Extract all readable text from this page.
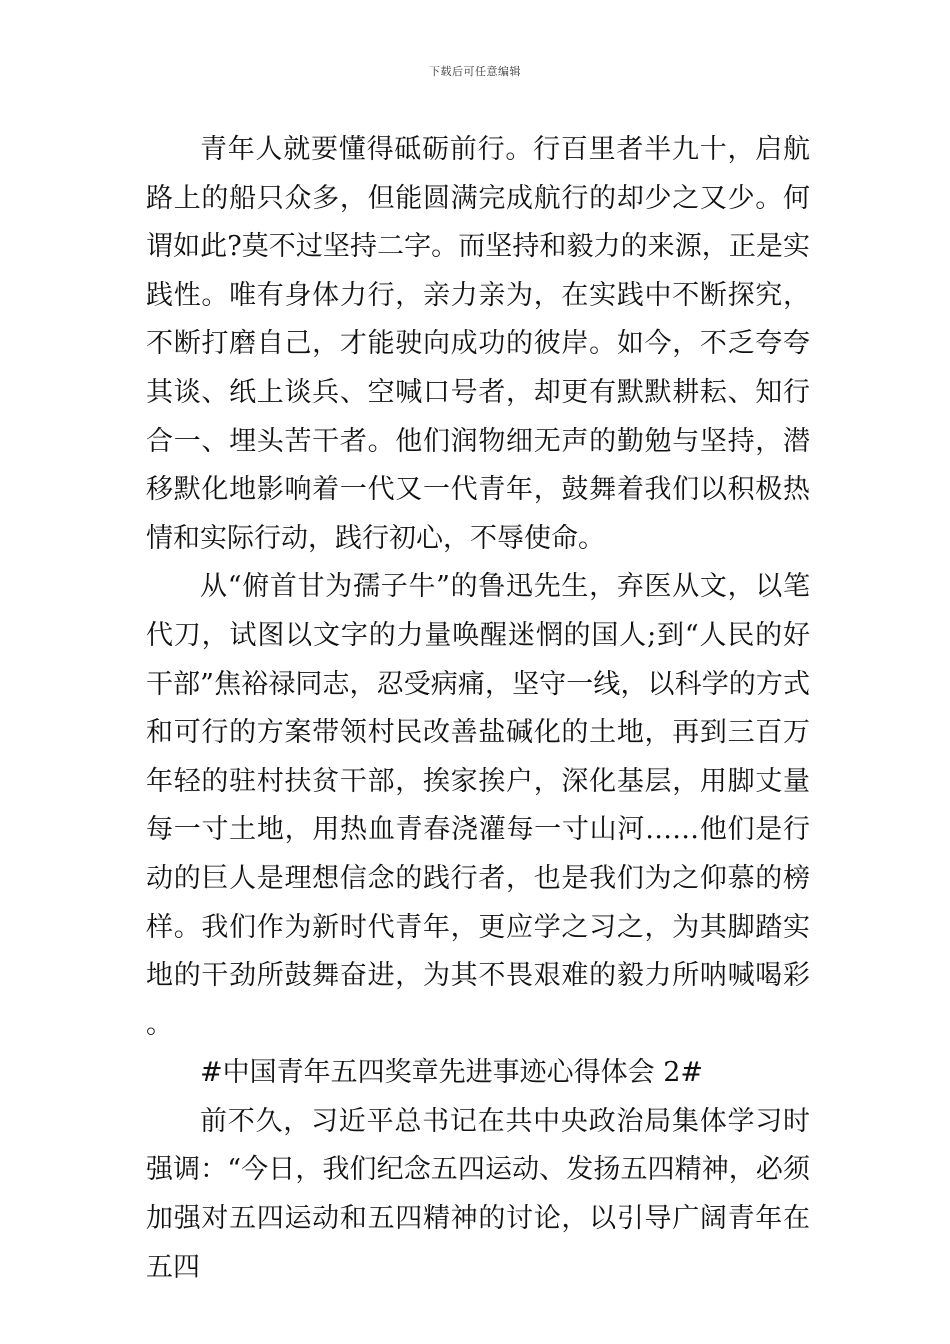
下载后可任意编辑

青年人就要懂得砥砺前行。行百里者半九十，启航路上的船只众多，但能圆满完成航行的却少之又少。何谓如此?莫不过坚持二字。而坚持和毅力的来源，正是实践性。唯有身体力行，亲力亲为，在实践中不断探究，不断打磨自己，才能驶向成功的彼岸。如今，不乏夸夸其谈、纸上谈兵、空喊口号者，却更有默默耕耘、知行合一、埋头苦干者。他们润物细无声的勤勉与坚持，潜移默化地影响着一代又一代青年，鼓舞着我们以积极热情和实际行动，践行初心，不辱使命。

从“俯首甘为孺子牛”的鲁迅先生，弃医从文，以笔代刀，试图以文字的力量唤醒迷惘的国人;到“人民的好干部”焦裕禄同志，忍受病痛，坚守一线，以科学的方式和可行的方案带领村民改善盐碱化的土地，再到三百万年轻的驻村扶贫干部，挨家挨户，深化基层，用脚丈量每一寸土地，用热血青春浇灌每一寸山河……他们是行动的巨人是理想信念的践行者，也是我们为之仰慕的榜样。我们作为新时代青年，更应学之习之，为其脚踏实地的干劲所鼓舞奋进，为其不畏艰难的毅力所呐喊喝彩。

#中国青年五四奖章先进事迹心得体会 2#

前不久，习近平总书记在共中央政治局集体学习时强调：“今日，我们纪念五四运动、发扬五四精神，必须加强对五四运动和五四精神的讨论，以引导广阔青年在五四
